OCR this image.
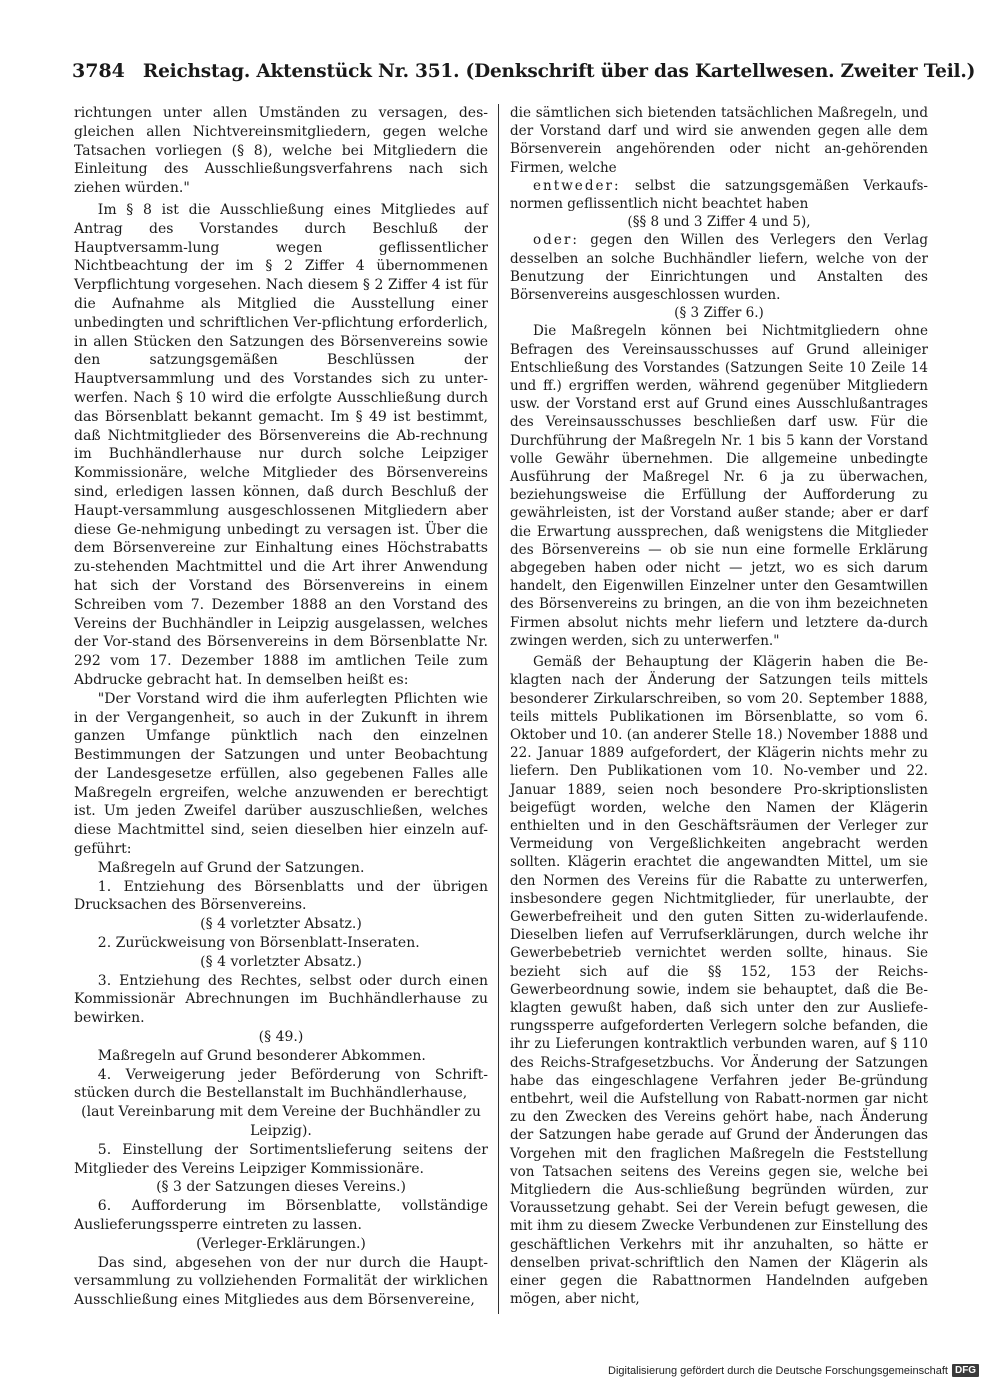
3784 Reichstag. Aktenstück Nr. 351. (Denkschrift über das Kartellwesen. Zweiter Teil.)

richtungen unter allen Umständen zu versagen, des-gleichen allen Nichtvereinsmitgliedern, gegen welche Tatsachen vorliegen (§ 8), welche bei Mitgliedern die Einleitung des Ausschließungsverfahrens nach sich ziehen würden."

Im § 8 ist die Ausschließung eines Mitgliedes auf Antrag des Vorstandes durch Beschluß der Hauptversamm-lung wegen geflissentlicher Nichtbeachtung der im § 2 Ziffer 4 übernommenen Verpflichtung vorgesehen. Nach diesem § 2 Ziffer 4 ist für die Aufnahme als Mitglied die Ausstellung einer unbedingten und schriftlichen Ver-pflichtung erforderlich, in allen Stücken den Satzungen des Börsenvereins sowie den satzungsgemäßen Beschlüssen der Hauptversammlung und des Vorstandes sich zu unter-werfen. Nach § 10 wird die erfolgte Ausschließung durch das Börsenblatt bekannt gemacht. Im § 49 ist bestimmt, daß Nichtmitglieder des Börsenvereins die Ab-rechnung im Buchhändlerhause nur durch solche Leipziger Kommissionäre, welche Mitglieder des Börsenvereins sind, erledigen lassen können, daß durch Beschluß der Haupt-versammlung ausgeschlossenen Mitgliedern aber diese Ge-nehmigung unbedingt zu versagen ist. Über die dem Börsenvereine zur Einhaltung eines Höchstrabatts zu-stehenden Machtmittel und die Art ihrer Anwendung hat sich der Vorstand des Börsenvereins in einem Schreiben vom 7. Dezember 1888 an den Vorstand des Vereins der Buchhändler in Leipzig ausgelassen, welches der Vor-stand des Börsenvereins in dem Börsenblatte Nr. 292 vom 17. Dezember 1888 im amtlichen Teile zum Abdrucke gebracht hat. In demselben heißt es:

"Der Vorstand wird die ihm auferlegten Pflichten wie in der Vergangenheit, so auch in der Zukunft in ihrem ganzen Umfange pünktlich nach den einzelnen Bestimmungen der Satzungen und unter Beobachtung der Landesgesetze erfüllen, also gegebenen Falles alle Maßregeln ergreifen, welche anzuwenden er berechtigt ist. Um jeden Zweifel darüber auszuschließen, welches diese Machtmittel sind, seien dieselben hier einzeln auf-geführt:

Maßregeln auf Grund der Satzungen.

1. Entziehung des Börsenblatts und der übrigen Drucksachen des Börsenvereins.

(§ 4 vorletzter Absatz.)

2. Zurückweisung von Börsenblatt-Inseraten.

(§ 4 vorletzter Absatz.)

3. Entziehung des Rechtes, selbst oder durch einen Kommissionär Abrechnungen im Buchhändlerhause zu bewirken.

(§ 49.)

Maßregeln auf Grund besonderer Abkommen.

4. Verweigerung jeder Beförderung von Schrift-stücken durch die Bestellanstalt im Buchhändlerhause,

(laut Vereinbarung mit dem Vereine der Buchhändler zu Leipzig).

5. Einstellung der Sortimentslieferung seitens der Mitglieder des Vereins Leipziger Kommissionäre.

(§ 3 der Satzungen dieses Vereins.)

6. Aufforderung im Börsenblatte, vollständige Auslieferungssperre eintreten zu lassen.

(Verleger-Erklärungen.)

Das sind, abgesehen von der nur durch die Haupt-versammlung zu vollziehenden Formalität der wirklichen Ausschließung eines Mitgliedes aus dem Börsenvereine,

die sämtlichen sich bietenden tatsächlichen Maßregeln, und der Vorstand darf und wird sie anwenden gegen alle dem Börsenverein angehörenden oder nicht an-gehörenden Firmen, welche

entweder: selbst die satzungsgemäßen Verkaufs-normen geflissentlich nicht beachtet haben

(§§ 8 und 3 Ziffer 4 und 5),

oder: gegen den Willen des Verlegers den Verlag desselben an solche Buchhändler liefern, welche von der Benutzung der Einrichtungen und Anstalten des Börsenvereins ausgeschlossen wurden.

(§ 3 Ziffer 6.)

Die Maßregeln können bei Nichtmitgliedern ohne Befragen des Vereinsausschusses auf Grund alleiniger Entschließung des Vorstandes (Satzungen Seite 10 Zeile 14 und ff.) ergriffen werden, während gegenüber Mitgliedern usw. der Vorstand erst auf Grund eines Ausschlußantrages des Vereinsausschusses beschließen darf usw. Für die Durchführung der Maßregeln Nr. 1 bis 5 kann der Vorstand volle Gewähr übernehmen. Die allgemeine unbedingte Ausführung der Maßregel Nr. 6 ja zu überwachen, beziehungsweise die Erfüllung der Aufforderung zu gewährleisten, ist der Vorstand außer stande; aber er darf die Erwartung aussprechen, daß wenigstens die Mitglieder des Börsenvereins — ob sie nun eine formelle Erklärung abgegeben haben oder nicht — jetzt, wo es sich darum handelt, den Eigenwillen Einzelner unter den Gesamtwillen des Börsenvereins zu bringen, an die von ihm bezeichneten Firmen absolut nichts mehr liefern und letztere da-durch zwingen werden, sich zu unterwerfen."

Gemäß der Behauptung der Klägerin haben die Be-klagten nach der Änderung der Satzungen teils mittels besonderer Zirkularschreiben, so vom 20. September 1888, teils mittels Publikationen im Börsenblatte, so vom 6. Oktober und 10. (an anderer Stelle 18.) November 1888 und 22. Januar 1889 aufgefordert, der Klägerin nichts mehr zu liefern. Den Publikationen vom 10. No-vember und 22. Januar 1889, seien noch besondere Pro-skriptionslisten beigefügt worden, welche den Namen der Klägerin enthielten und in den Geschäftsräumen der Verleger zur Vermeidung von Vergeßlichkeiten angebracht werden sollten. Klägerin erachtet die angewandten Mittel, um sie den Normen des Vereins für die Rabatte zu unterwerfen, insbesondere gegen Nichtmitglieder, für unerlaubte, der Gewerbefreiheit und den guten Sitten zu-widerlaufende. Dieselben liefen auf Verrufserklärungen, durch welche ihr Gewerbebetrieb vernichtet werden sollte, hinaus. Sie bezieht sich auf die §§ 152, 153 der Reichs-Gewerbeordnung sowie, indem sie behauptet, daß die Be-klagten gewußt haben, daß sich unter den zur Ausliefe-rungssperre aufgeforderten Verlegern solche befanden, die ihr zu Lieferungen kontraktlich verbunden waren, auf § 110 des Reichs-Strafgesetzbuchs. Vor Änderung der Satzungen habe das eingeschlagene Verfahren jeder Be-gründung entbehrt, weil die Aufstellung von Rabatt-normen gar nicht zu den Zwecken des Vereins gehört habe, nach Änderung der Satzungen habe gerade auf Grund der Änderungen das Vorgehen mit den fraglichen Maßregeln die Feststellung von Tatsachen seitens des Vereins gegen sie, welche bei Mitgliedern die Aus-schließung begründen würden, zur Voraussetzung gehabt. Sei der Verein befugt gewesen, die mit ihm zu diesem Zwecke Verbundenen zur Einstellung des geschäftlichen Verkehrs mit ihr anzuhalten, so hätte er denselben privat-schriftlich den Namen der Klägerin als einer gegen die Rabattnormen Handelnden aufgeben mögen, aber nicht,

Digitalisierung gefördert durch die Deutsche Forschungsgemeinschaft DFG
